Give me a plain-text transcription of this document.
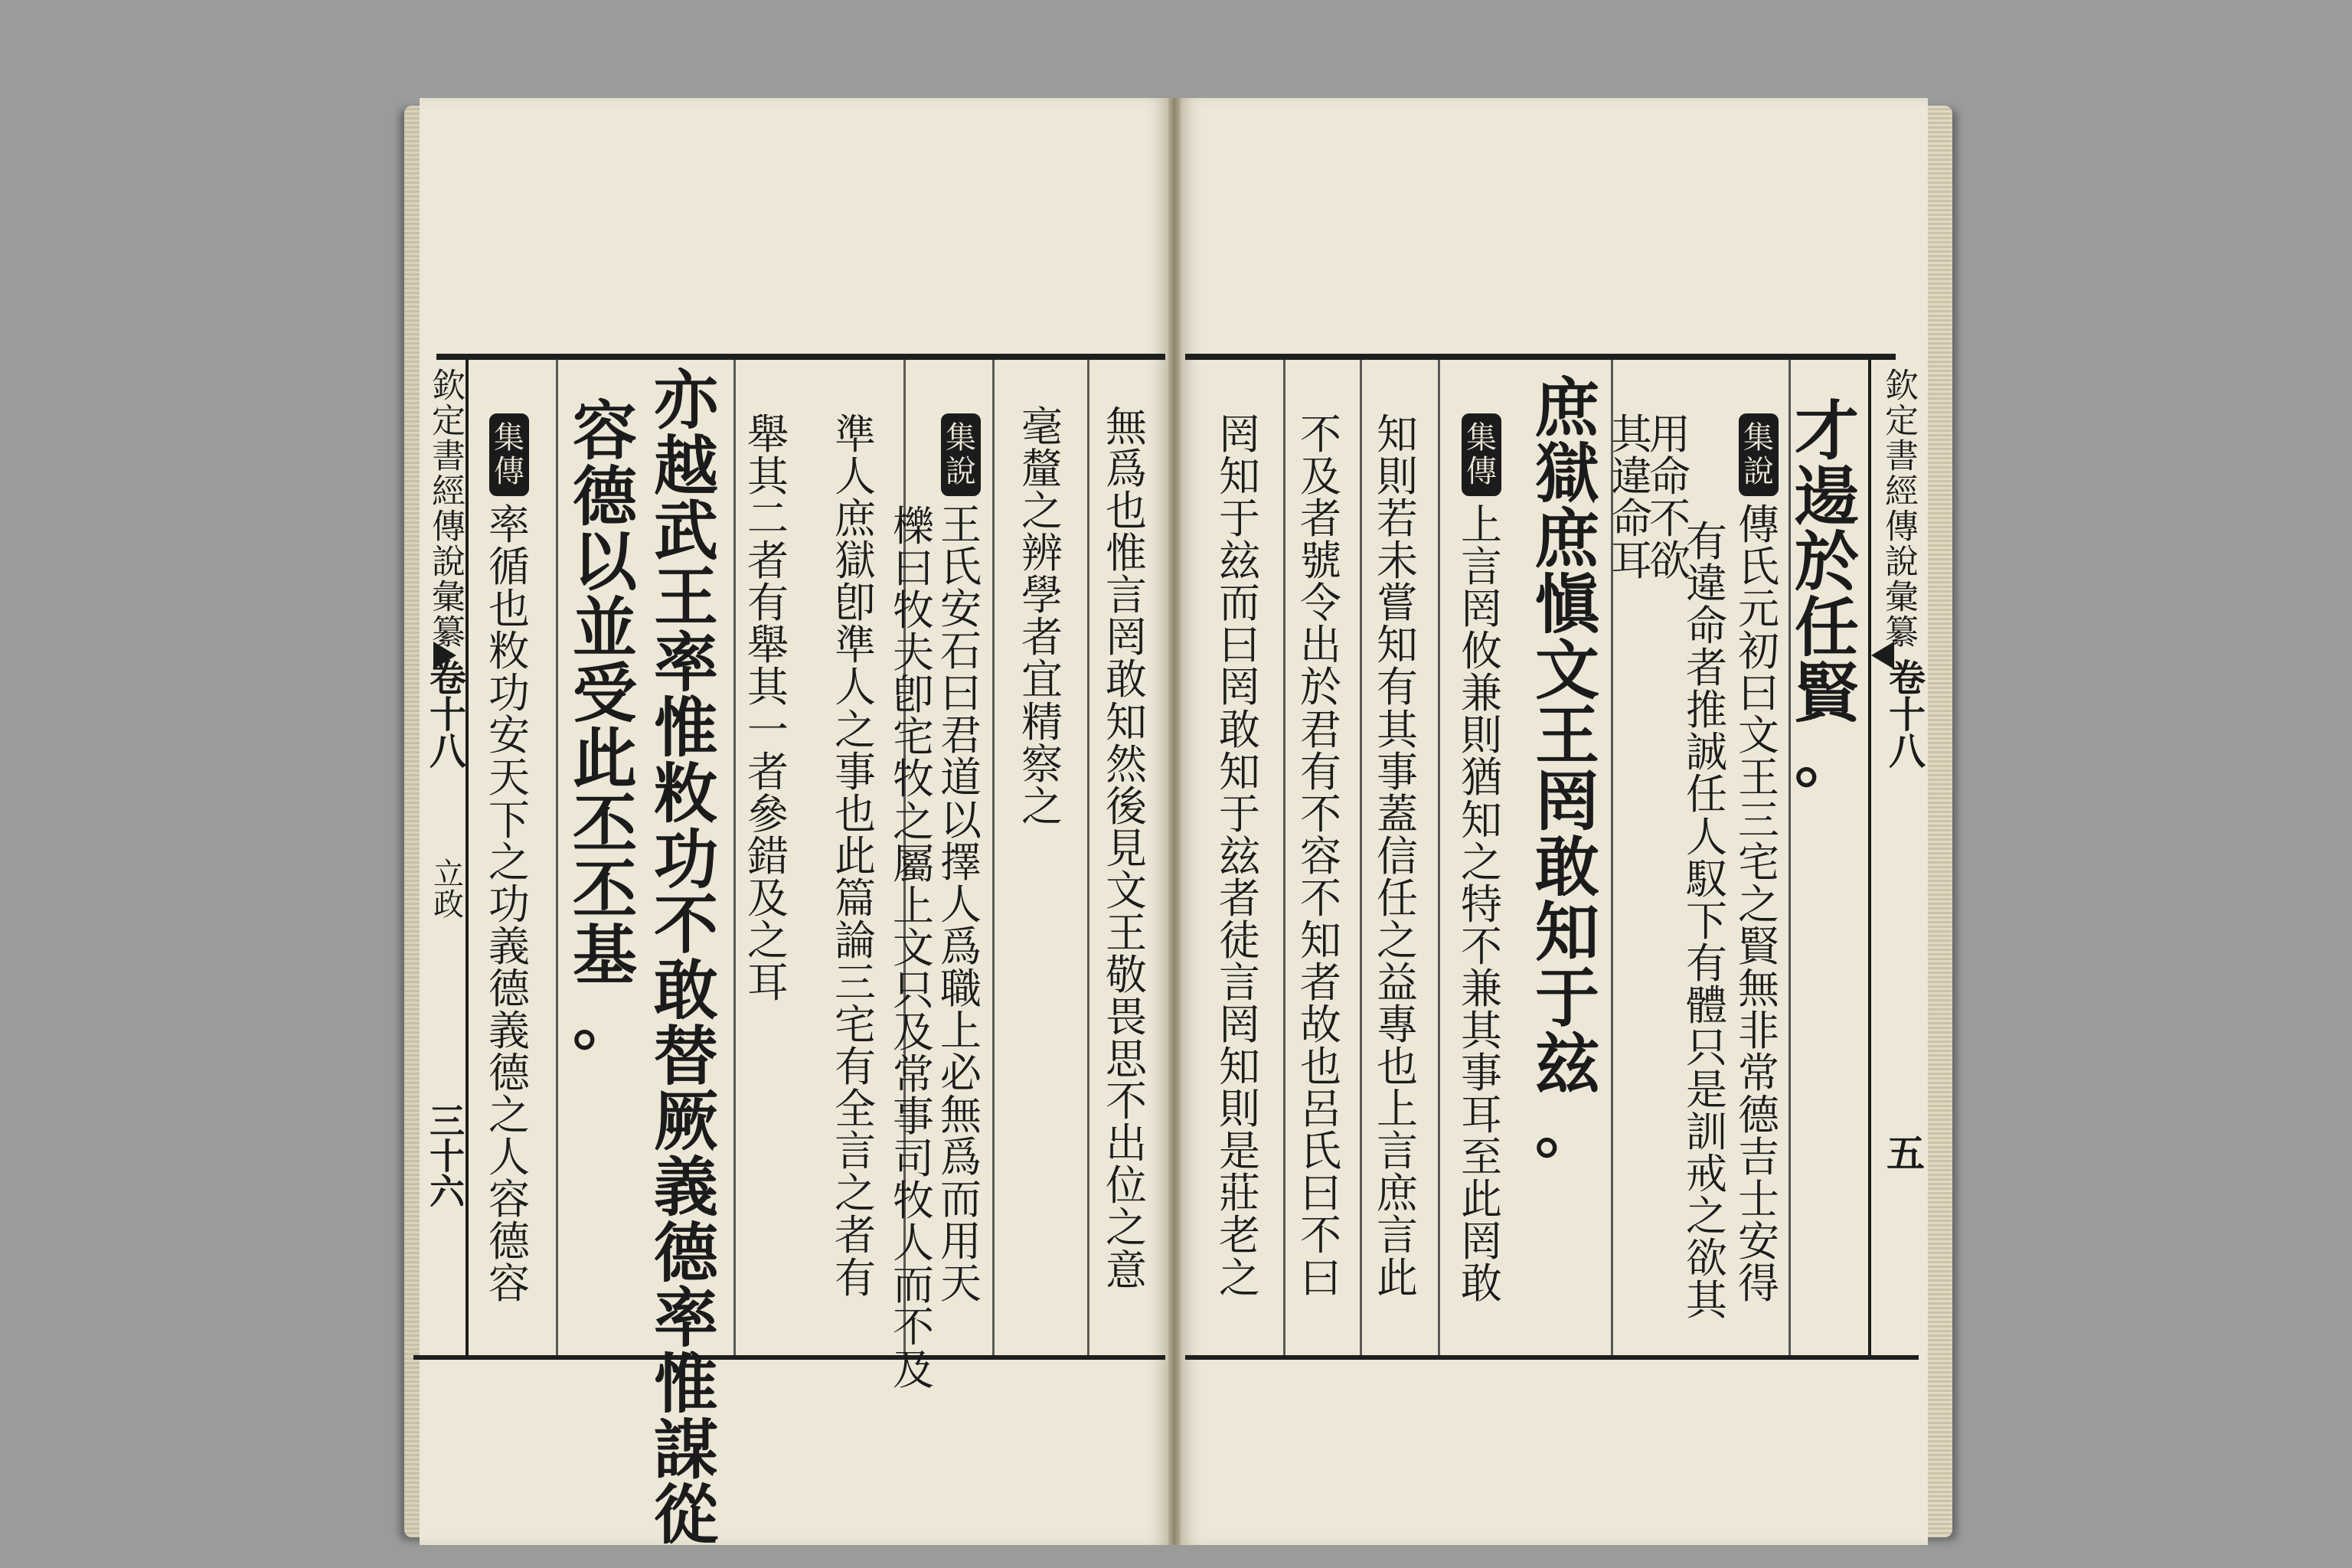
欽定書經傳說彙纂
卷十八
五
欽定書經傳說彙纂
卷十八
立政
三十六
才
逿
於
任
賢
。
集
說
傳
氏
元
初
曰
文
王
三
宅
之
賢
無
非
常
德
吉
士
安
得
有
違
命
者
推
誠
任
人
馭
下
有
體
只
是
訓
戒
之
欲
其
用
命
不
欲
其
違
命
耳
庶
獄
庶
愼
文
王
罔
敢
知
于
玆
。
集
傳
上
言
罔
攸
兼
則
猶
知
之
特
不
兼
其
事
耳
至
此
罔
敢
知
則
若
未
嘗
知
有
其
事
蓋
信
任
之
益
專
也
上
言
庶
言
此
不
及
者
號
令
出
於
君
有
不
容
不
知
者
故
也
呂
氏
曰
不
曰
罔
知
于
玆
而
曰
罔
敢
知
于
玆
者
徒
言
罔
知
則
是
莊
老
之
無
爲
也
惟
言
罔
敢
知
然
後
見
文
王
敬
畏
思
不
出
位
之
意
毫
釐
之
辨
學
者
宜
精
察
之
集
說
王
氏
安
石
曰
君
道
以
擇
人
爲
職
上
必
無
爲
而
用
天
櫟
曰
牧
夫
卽
宅
牧
之
屬
上
文
只
及
常
事
司
牧
人
而
不
及
準
人
庶
獄
卽
準
人
之
事
也
此
篇
論
三
宅
有
全
言
之
者
有
舉
其
二
者
有
舉
其
一
者
參
錯
及
之
耳
亦
越
武
王
率
惟
敉
功
不
敢
替
厥
義
德
率
惟
謀
從
容
德
以
並
受
此
丕
丕
基
。
集
傳
率
循
也
敉
功
安
天
下
之
功
義
德
義
德
之
人
容
德
容
